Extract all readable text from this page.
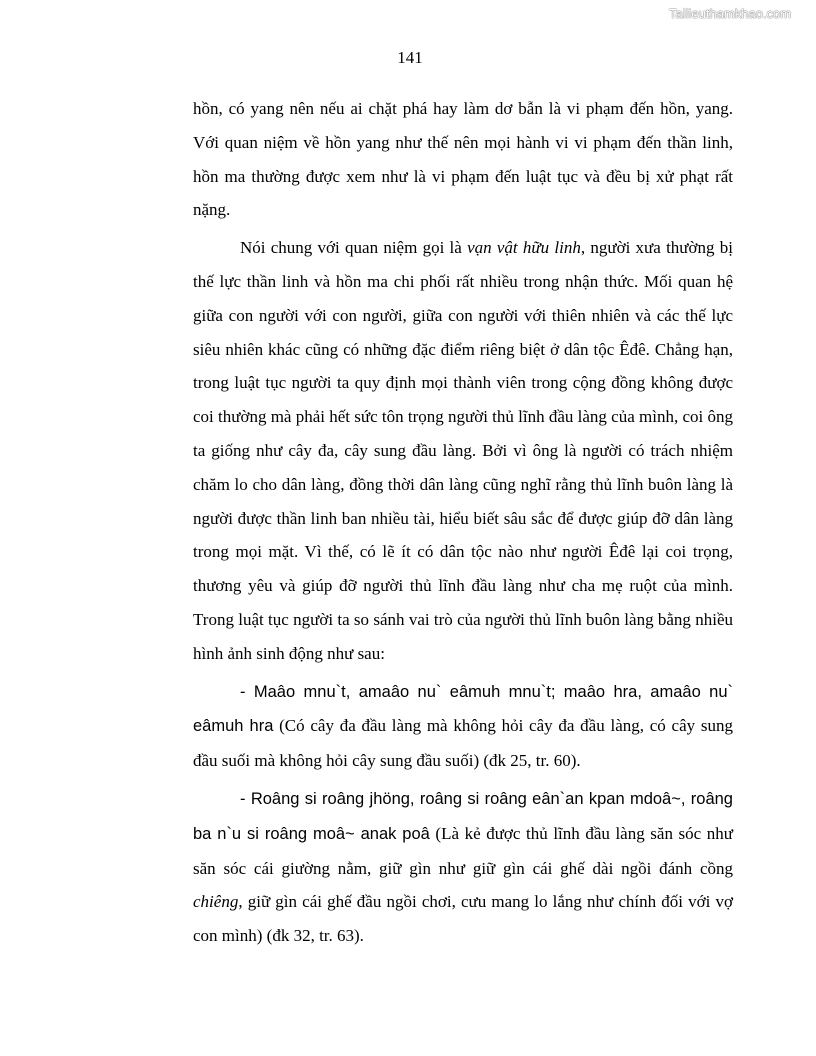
Tailieuthamkhao.com
141

hồn, có yang nên nếu ai chặt phá hay làm dơ bẫn là vi phạm đến hồn, yang. Với quan niệm về hồn yang như thế nên mọi hành vi vi phạm đến thần linh, hồn ma thường được xem như là vi phạm đến luật tục và đều bị xử phạt rất nặng.

Nói chung với quan niệm gọi là vạn vật hữu linh, người xưa thường bị thế lực thần linh và hồn ma chi phối rất nhiều trong nhận thức. Mối quan hệ giữa con người với con người, giữa con người với thiên nhiên và các thế lực siêu nhiên khác cũng có những đặc điểm riêng biệt ở dân tộc Êđê. Chẳng hạn, trong luật tục người ta quy định mọi thành viên trong cộng đồng không được coi thường mà phải hết sức tôn trọng người thủ lĩnh đầu làng của mình, coi ông ta giống như cây đa, cây sung đầu làng. Bởi vì ông là người có trách nhiệm chăm lo cho dân làng, đồng thời dân làng cũng nghĩ rằng thủ lĩnh buôn làng là người được thần linh ban nhiều tài, hiểu biết sâu sắc để được giúp đỡ dân làng trong mọi mặt. Vì thế, có lẽ ít có dân tộc nào như người Êđê lại coi trọng, thương yêu và giúp đỡ người thủ lĩnh đầu làng như cha mẹ ruột của mình. Trong luật tục người ta so sánh vai trò của người thủ lĩnh buôn làng bằng nhiều hình ảnh sinh động như sau:

- Maâo mnu`t, amaâo nu` eâmuh mnu`t; maâo hra, amaâo nu` eâmuh hra (Có cây đa đầu làng mà không hỏi cây đa đầu làng, có cây sung đầu suối mà không hỏi cây sung đầu suối) (đk 25, tr. 60).

- Roâng si roâng jhöng, roâng si roâng eân`an kpan mdoâ~, roâng ba n`u si roâng moâ~ anak poâ (Là kẻ được thủ lĩnh đầu làng săn sóc như săn sóc cái giường nằm, giữ gìn như giữ gìn cái ghế dài ngồi đánh cồng chiêng, giữ gìn cái ghế đầu ngồi chơi, cưu mang lo lắng như chính đối với vợ con mình) (đk 32, tr. 63).
